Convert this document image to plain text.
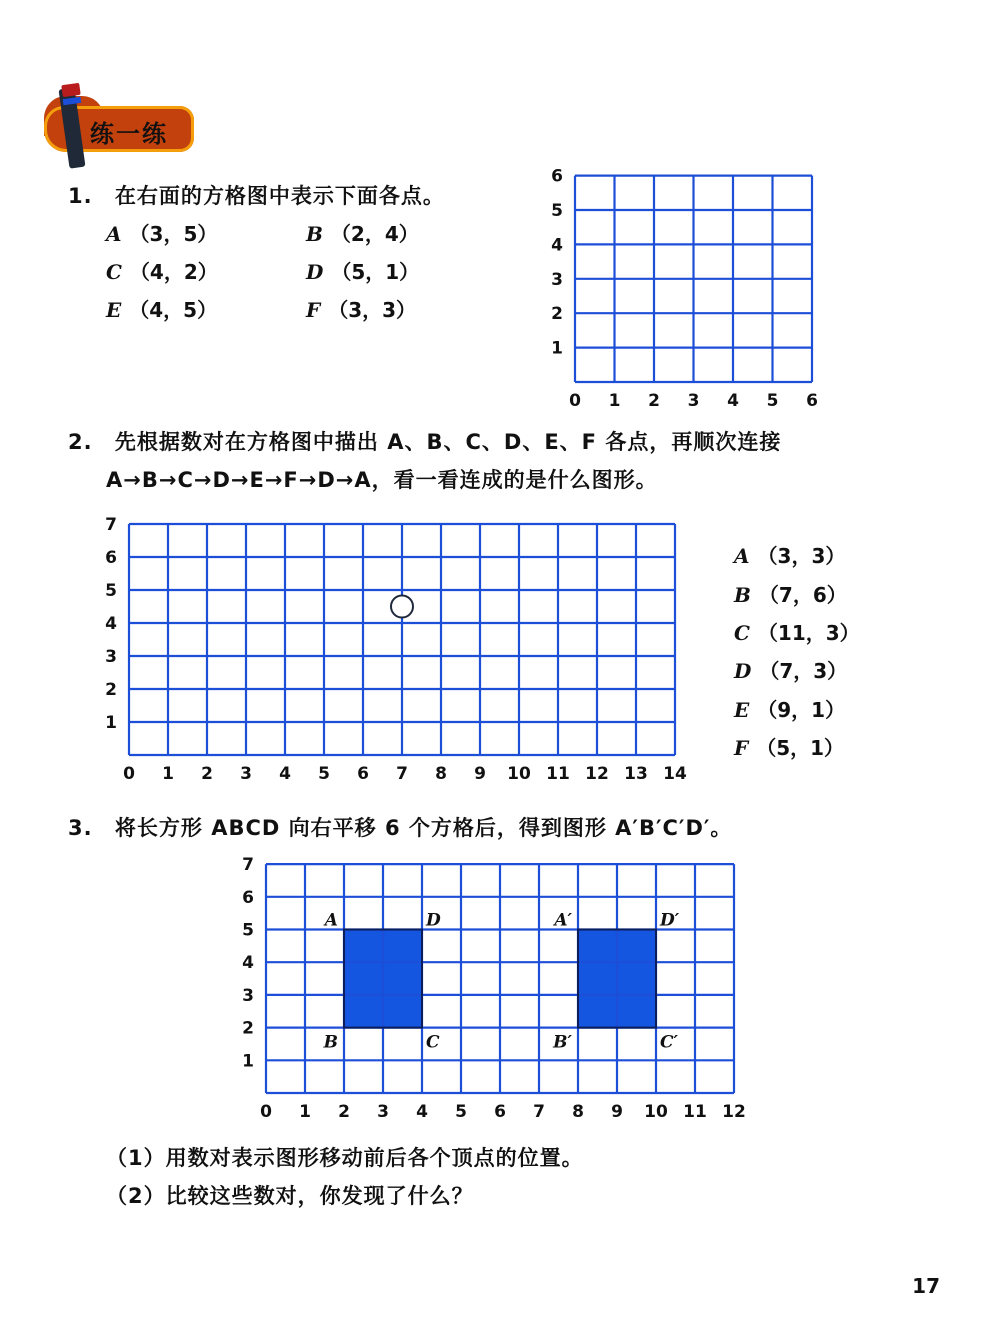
练一练
1. 在右面的方格图中表示下面各点。
A （3，5）	B （2，4）
C （4，2）	D （5，1）
E （4，5）	F （3，3）
0 1 2 3 4 5 6
1
2
3
4
5
6
2. 先根据数对在方格图中描出 A、B、C、D、E、F 各点，再顺次连接
A→B→C→D→E→F→D→A，看一看连成的是什么图形。
0 1 2 3 4 5 6 7 8 9 10 11 12 13 14
1
2
3
4
5
6
7
A （3，3）
B （7，6）
C （11，3）
D （7，3）
E （9，1）
F （5，1）
3. 将长方形 ABCD 向右平移 6 个方格后，得到图形 A′B′C′D′。
0 1 2 3 4 5 6 7 8 9 10 11 12
1
2
3
4
5
6
7
A	D
B	C
A′	D′
B′	C′
（1）用数对表示图形移动前后各个顶点的位置。
（2）比较这些数对，你发现了什么？
17
